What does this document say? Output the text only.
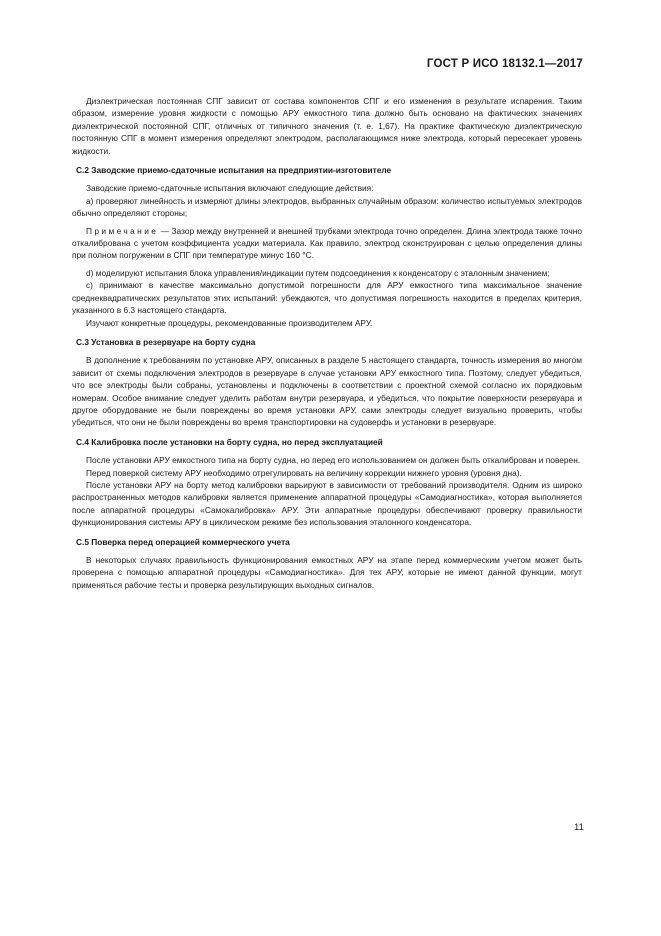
ГОСТ Р ИСО 18132.1—2017

Диэлектрическая постоянная СПГ зависит от состава компонентов СПГ и его изменения в результате испарения. Таким образом, измерение уровня жидкости с помощью АРУ емкостного типа должно быть основано на фактических значениях диэлектрической постоянной СПГ, отличных от типичного значения (т. е. 1,67). На практике фактическую диэлектрическую постоянную СПГ в момент измерения определяют электродом, располагающимся ниже электрода, который пересекает уровень жидкости.

C.2 Заводские приемо-сдаточные испытания на предприятии-изготовителе

Заводские приемо-сдаточные испытания включают следующие действия:

а) проверяют линейность и измеряют длины электродов, выбранных случайным образом: количество испытуемых электродов обычно определяют стороны;

Примечание — Зазор между внутренней и внешней трубками электрода точно определен. Длина электрода также точно откалибрована с учетом коэффициента усадки материала. Как правило, электрод сконструирован с целью определения длины при полном погружении в СПГ при температуре минус 160 °С.

d) моделируют испытания блока управления/индикации путем подсоединения к конденсатору с эталонным значением;

c) принимают в качестве максимально допустимой погрешности для АРУ емкостного типа максимальное значение среднеквадратических результатов этих испытаний: убеждаются, что допустимая погрешность находится в пределах критерия, указанного в 6.3 настоящего стандарта.

Изучают конкретные процедуры, рекомендованные производителем АРУ.

C.3 Установка в резервуаре на борту судна

В дополнение к требованиям по установке АРУ, описанных в разделе 5 настоящего стандарта, точность измерения во многом зависит от схемы подключения электродов в резервуаре в случае установки АРУ емкостного типа. Поэтому, следует убедиться, что все электроды были собраны, установлены и подключены в соответствии с проектной схемой согласно их порядковым номерам. Особое внимание следует уделить работам внутри резервуара, и убедиться, что покрытие поверхности резервуара и другое оборудование не были повреждены во время установки АРУ, сами электроды следует визуально проверить, чтобы убедиться, что они не были повреждены во время транспортировки на судоверфь и установки в резервуаре.

C.4 Калибровка после установки на борту судна, но перед эксплуатацией

После установки АРУ емкостного типа на борту судна, но перед его использованием он должен быть откалиброван и поверен.

Перед поверкой систему АРУ необходимо отрегулировать на величину коррекции нижнего уровня (уровня дна).

После установки АРУ на борту метод калибровки варьируют в зависимости от требований производителя. Одним из широко распространенных методов калибровки является применение аппаратной процедуры «Самодиагностика», которая выполняется после аппаратной процедуры «Самокалибровка» АРУ. Эти аппаратные процедуры обеспечивают проверку правильности функционирования системы АРУ в циклическом режиме без использования эталонного конденсатора.

C.5 Поверка перед операцией коммерческого учета

В некоторых случаях правильность функционирования емкостных АРУ на этапе перед коммерческим учетом может быть проверена с помощью аппаратной процедуры «Самодиагностика». Для тех АРУ, которые не имеют данной функции, могут применяться рабочие тесты и проверка результирующих выходных сигналов.

11
